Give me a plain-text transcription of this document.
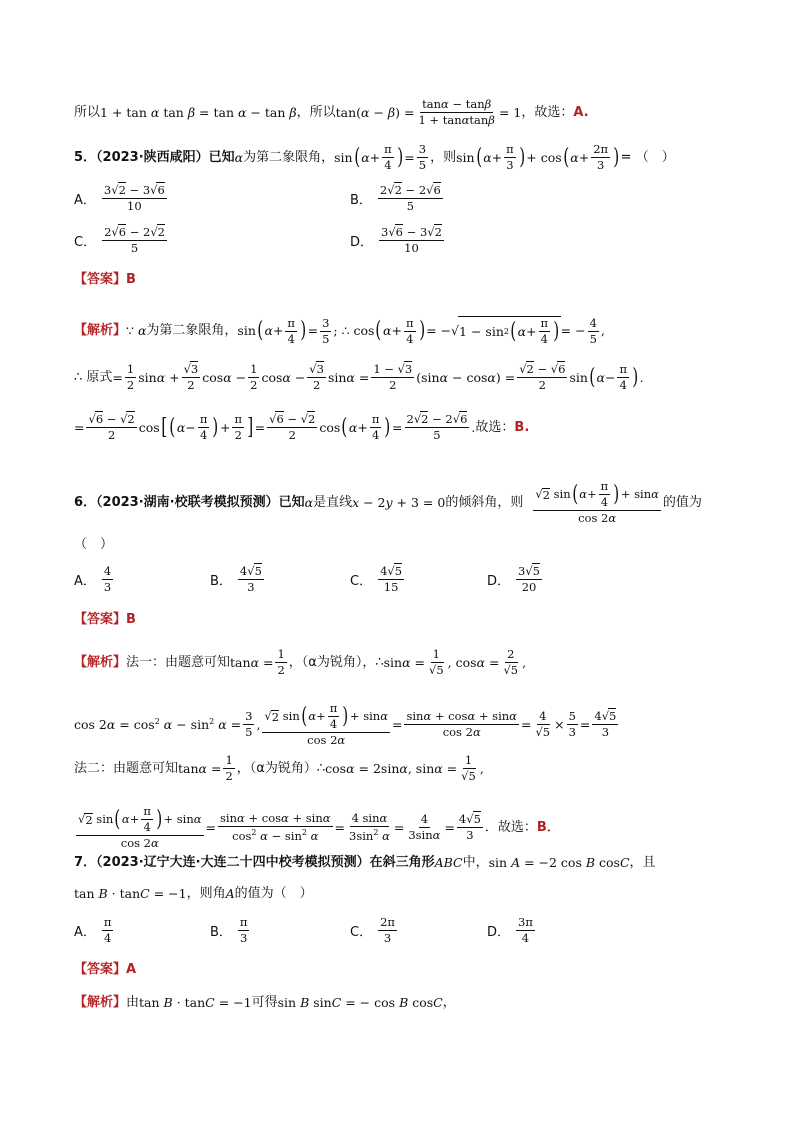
所以 1 + tan α tan β = tan α − tan β ，所以 $\tan(\alpha - \beta) = \frac{\tan\alpha - \tan\beta}{1 + \tan\alpha\tan\beta} = 1$ ，故选： A.
5．（2023·陕西咸阳）已知 α 为第二象限角， sin ( $\alpha + \frac{\pi}{4}$ ) = $\frac{3}{5}$ ，则 sin ( $\alpha + \frac{\pi}{3}$ ) + cos ( $\alpha + \frac{2\pi}{3}$ ) = （　）
A． $\frac{3√2 - 3√6}{10}$	B． $\frac{2√2 - 2√6}{5}$
C． $\frac{2√6 - 2√2}{5}$	D． $\frac{3√6 - 3√2}{10}$
【答案】 B
【解析】 ∵ α 为第二象限角， sin ( $\alpha + \frac{\pi}{4}$ ) = $\frac{3}{5}$ ; ∴ cos ( $\alpha + \frac{\pi}{4}$ ) = −√ 1 − sin 2 ( $\alpha + \frac{\pi}{4}$ ) = − $\frac{4}{5}$ ,
∴ 原式 = $\frac{1}{2}$ $\sin\alpha + \frac{√3}{2}$ $\cos\alpha - \frac{1}{2}$ $\cos\alpha - \frac{√3}{2}$ $\sin\alpha = \frac{1 - √3}{2} (\sin\alpha - \cos\alpha) = \frac{√2 - √6}{2}$ sin ( $\alpha - \frac{\pi}{4}$ ) .
= $\frac{√6 - √2}{2}$ cos [ ( $\alpha - \frac{\pi}{4}$ ) + $\frac{\pi}{2}$ ] = $\frac{√6 - √2}{2}$ cos ( $\alpha + \frac{\pi}{4}$ ) = $\frac{2√2 - 2√6}{5}$ . 故选： B.
6．（2023·湖南·校联考模拟预测）已知 α 是直线 x − 2y + 3 = 0 的倾斜角，则 $\frac{√ 2 \sin ( \alpha + \frac{\pi}{4} ) + \sin \alpha}{\cos 2\alpha}$ 的值为
（　）
A． $\frac{4}{3}$	B． $\frac{4√5}{3}$	C． $\frac{4√5}{15}$	D． $\frac{3√5}{20}$
【答案】 B
【解析】 法一：由题意可知 $\tan\alpha = \frac{1}{2}$ ，（α为锐角），∴ $\sin\alpha = \frac{1}{√5}$ , $\cos\alpha = \frac{2}{√5}$ ,
$\cos 2\alpha = \cos^2 \alpha - \sin^2 \alpha = \frac{3}{5}$ , $\frac{√ 2 \sin ( \alpha + \frac{\pi}{4} ) + \sin \alpha}{\cos 2\alpha} = \frac{\sin\alpha + \cos\alpha + \sin\alpha}{\cos 2\alpha} = \frac{4}{√5} \times \frac{5}{3} = \frac{4√5}{3}$
法二：由题意可知 $\tan\alpha = \frac{1}{2}$ ，（α为锐角）∴ cosα = 2sinα, $\sin\alpha = \frac{1}{√5}$ ,
$\frac{√ 2 \sin ( \alpha + \frac{\pi}{4} ) + \sin \alpha}{\cos 2\alpha} = \frac{\sin\alpha + \cos\alpha + \sin\alpha}{\cos^2 \alpha - \sin^2 \alpha} = \frac{4 \sin\alpha}{3\sin^2 \alpha} = \frac{4}{3\sin\alpha} = \frac{4√5}{3}$ ．故选： B．
7．（2023·辽宁大连·大连二十四中校考模拟预测）在斜三角形 ABC 中， sin A = −2 cos B cosC ，且
tan B · tanC = −1 ，则角 A 的值为（　）
A． $\frac{\pi}{4}$	B． $\frac{\pi}{3}$	C． $\frac{2\pi}{3}$	D． $\frac{3\pi}{4}$
【答案】 A
【解析】 由 tan B · tanC = −1 可得 sin B sinC = − cos B cosC ，
